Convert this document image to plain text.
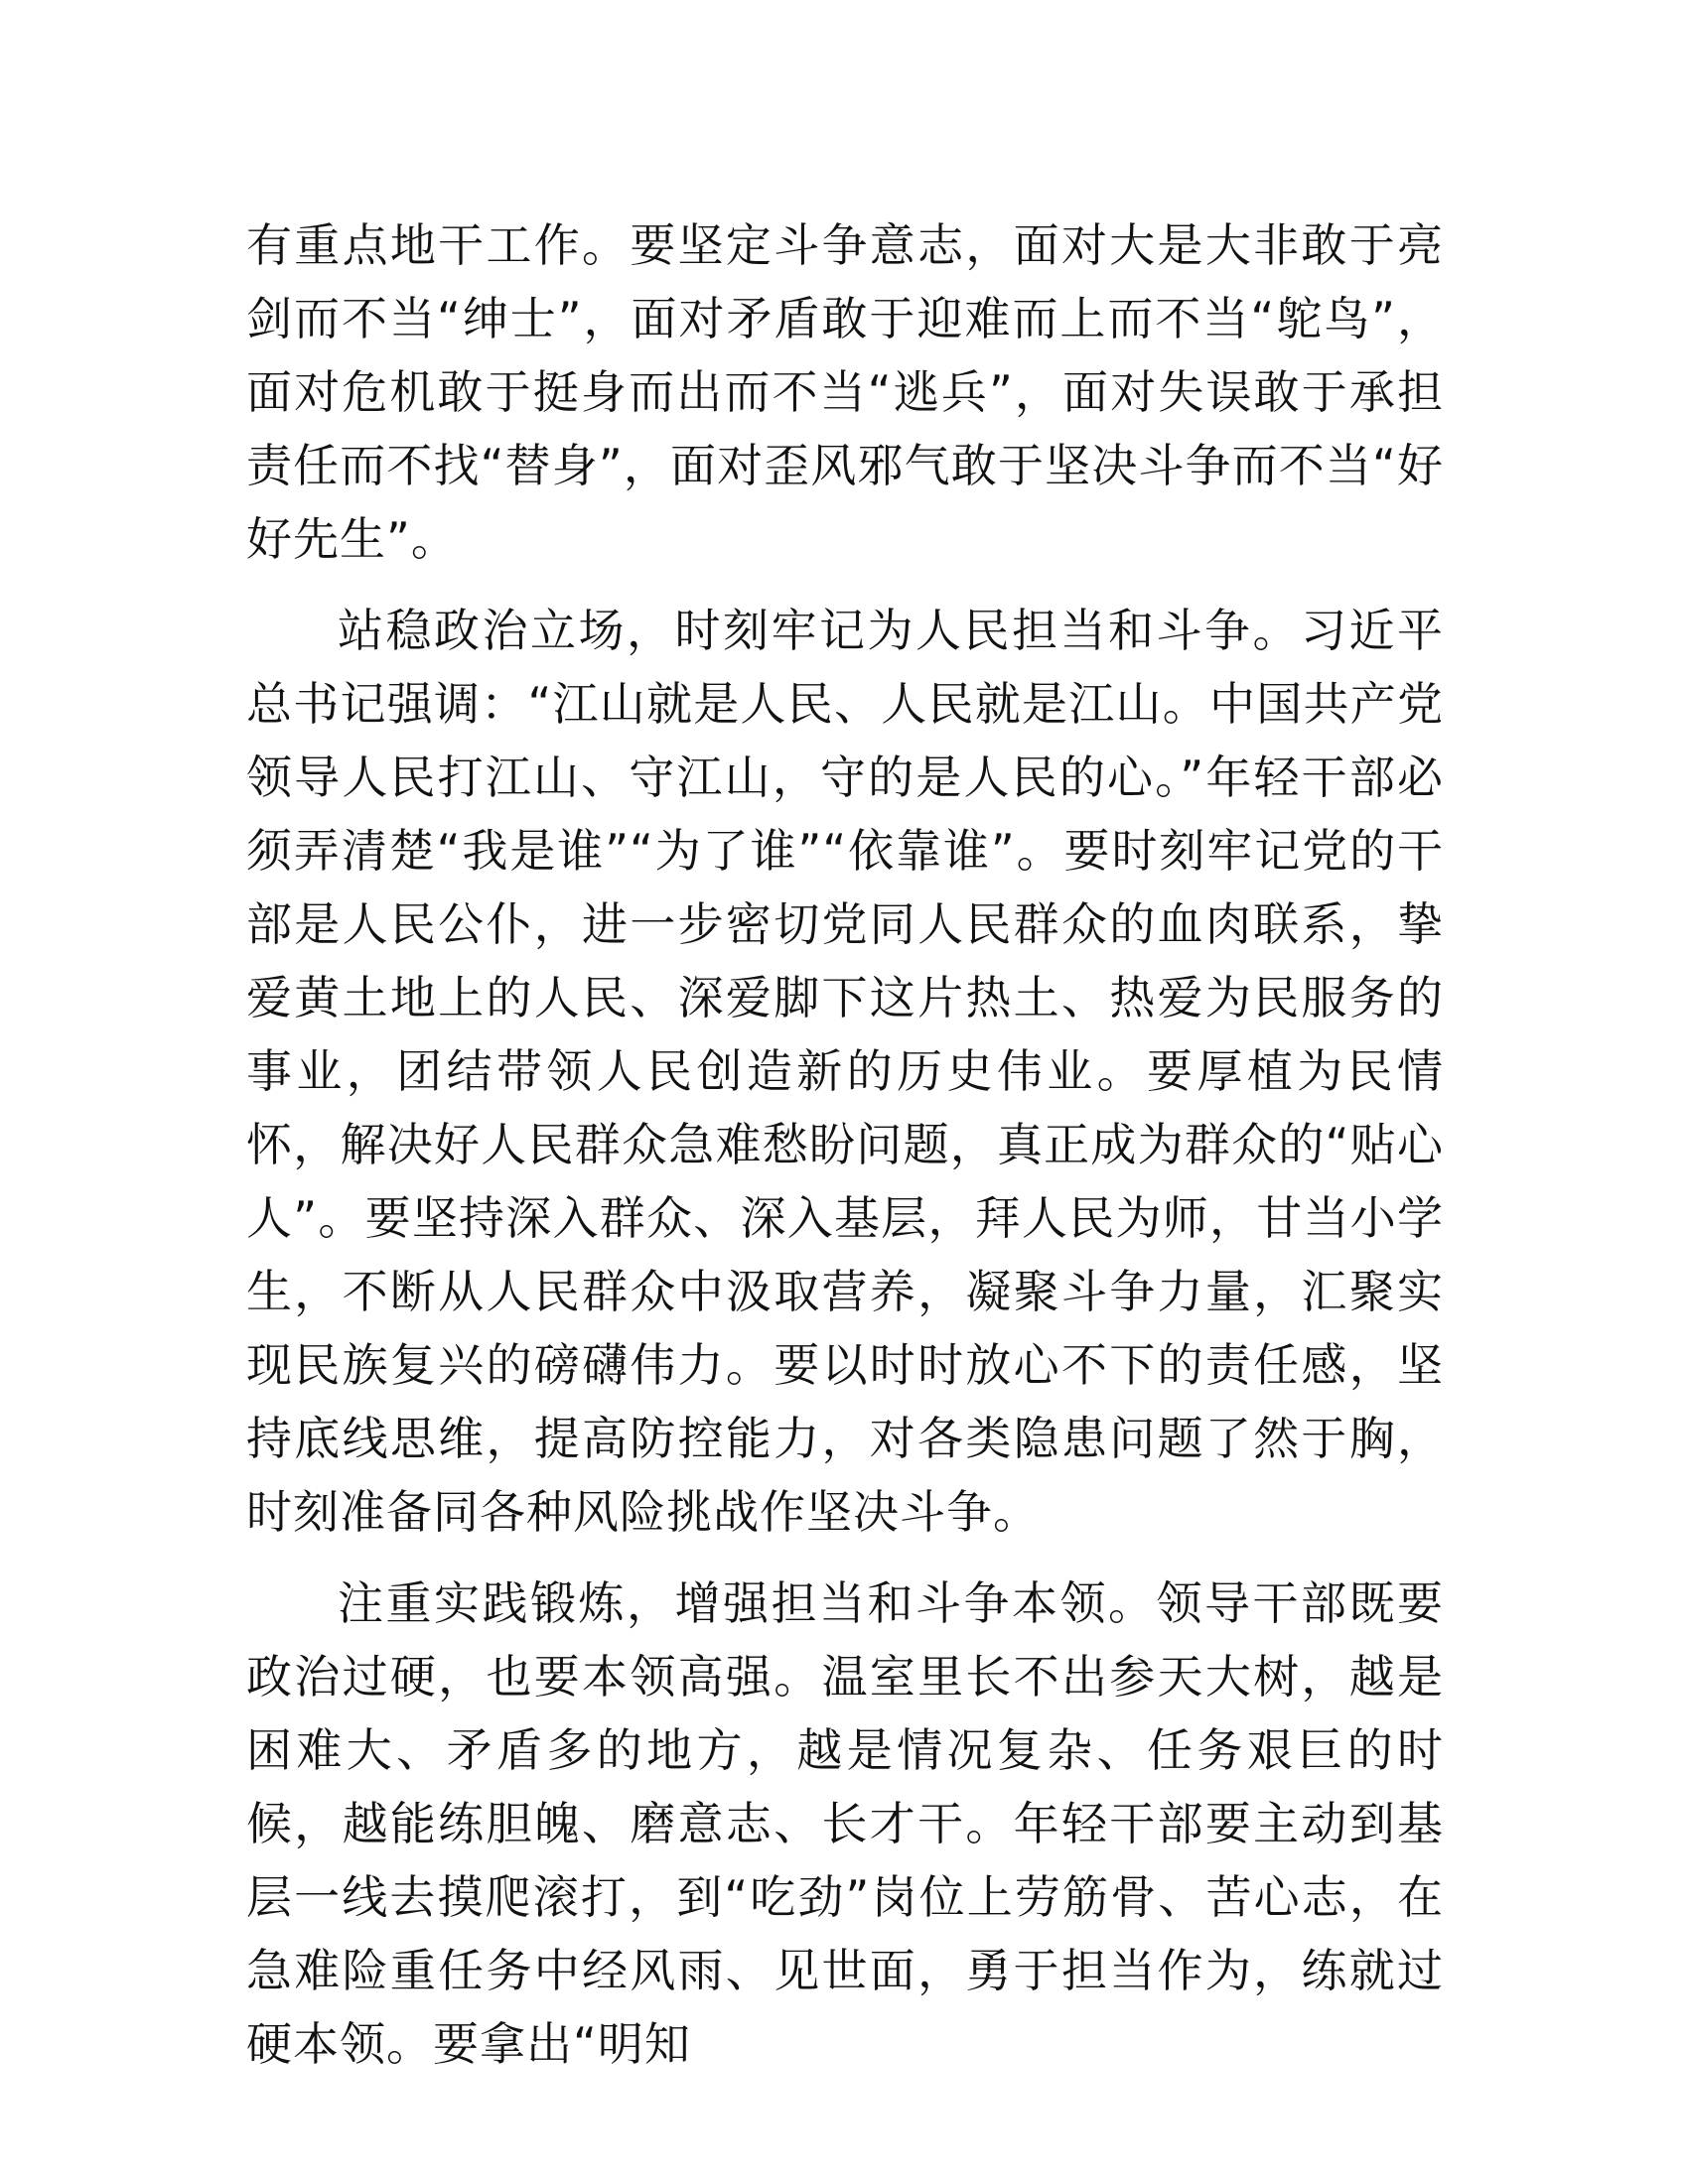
有重点地干工作。要坚定斗争意志，面对大是大非敢于亮剑而不当“绅士”，面对矛盾敢于迎难而上而不当“鸵鸟”，面对危机敢于挺身而出而不当“逃兵”，面对失误敢于承担责任而不找“替身”，面对歪风邪气敢于坚决斗争而不当“好好先生”。

站稳政治立场，时刻牢记为人民担当和斗争。习近平总书记强调：“江山就是人民、人民就是江山。中国共产党领导人民打江山、守江山，守的是人民的心。”年轻干部必须弄清楚“我是谁”“为了谁”“依靠谁”。要时刻牢记党的干部是人民公仆，进一步密切党同人民群众的血肉联系，挚爱黄土地上的人民、深爱脚下这片热土、热爱为民服务的事业，团结带领人民创造新的历史伟业。要厚植为民情怀，解决好人民群众急难愁盼问题，真正成为群众的“贴心人”。要坚持深入群众、深入基层，拜人民为师，甘当小学生，不断从人民群众中汲取营养，凝聚斗争力量，汇聚实现民族复兴的磅礴伟力。要以时时放心不下的责任感，坚持底线思维，提高防控能力，对各类隐患问题了然于胸，时刻准备同各种风险挑战作坚决斗争。

注重实践锻炼，增强担当和斗争本领。领导干部既要政治过硬，也要本领高强。温室里长不出参天大树，越是困难大、矛盾多的地方，越是情况复杂、任务艰巨的时候，越能练胆魄、磨意志、长才干。年轻干部要主动到基层一线去摸爬滚打，到“吃劲”岗位上劳筋骨、苦心志，在急难险重任务中经风雨、见世面，勇于担当作为，练就过硬本领。要拿出“明知
